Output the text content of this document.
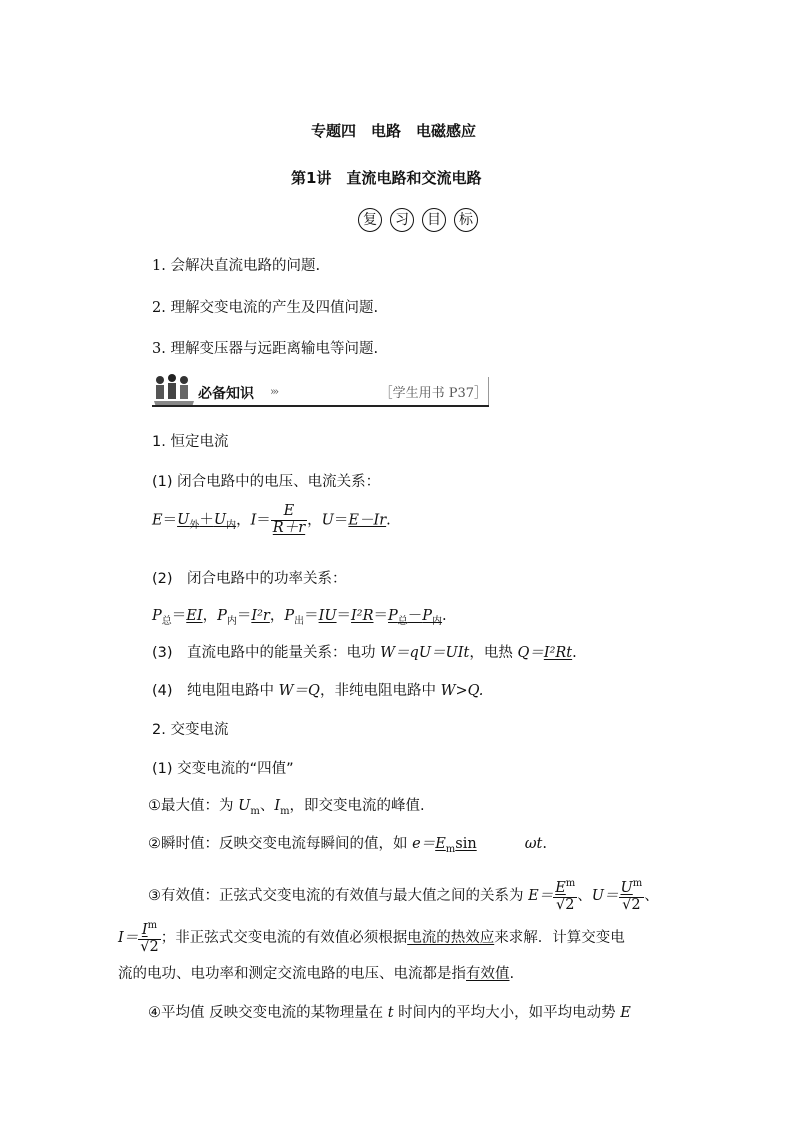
专题四　电路　电磁感应
第1讲　直流电路和交流电路
复 习 目 标
1. 会解决直流电路的问题.
2. 理解交变电流的产生及四值问题.
3. 理解变压器与远距离输电等问题.
必备知识 ›››	［学生用书 P37］
1. 恒定电流
(1) 闭合电路中的电压、电流关系：
$E=U_外+U_内$，$I= \frac{E}{R+r}$ ，U＝E－Ir.
(2)　闭合电路中的功率关系：
$P_总=EI$，$P_内=I^2r$，$P_出=IU=I^2R=P_总-P_内$.
(3)　直流电路中的能量关系：电功 W＝qU＝UIt，电热 Q＝I²Rt.
(4)　纯电阻电路中 W＝Q，非纯电阻电路中 W>Q.
2. 交变电流
(1) 交变电流的“四值”
①最大值：为 $U_m$、$I_m$，即交变电流的峰值.
②瞬时值：反映交变电流每瞬间的值，如 $e=E_m\sin$	ωt.
③有效值：正弦式交变电流的有效值与最大值之间的关系为 $E= \frac{E^m}{√2}$ 、$U= \frac{U^m}{√2}$ 、
$I= \frac{I^m}{√2}$ ；非正弦式交变电流的有效值必须根据电流的热效应来求解．计算交变电
流的电功、电功率和测定交流电路的电压、电流都是指有效值.
④平均值 反映交变电流的某物理量在 t 时间内的平均大小，如平均电动势 E
